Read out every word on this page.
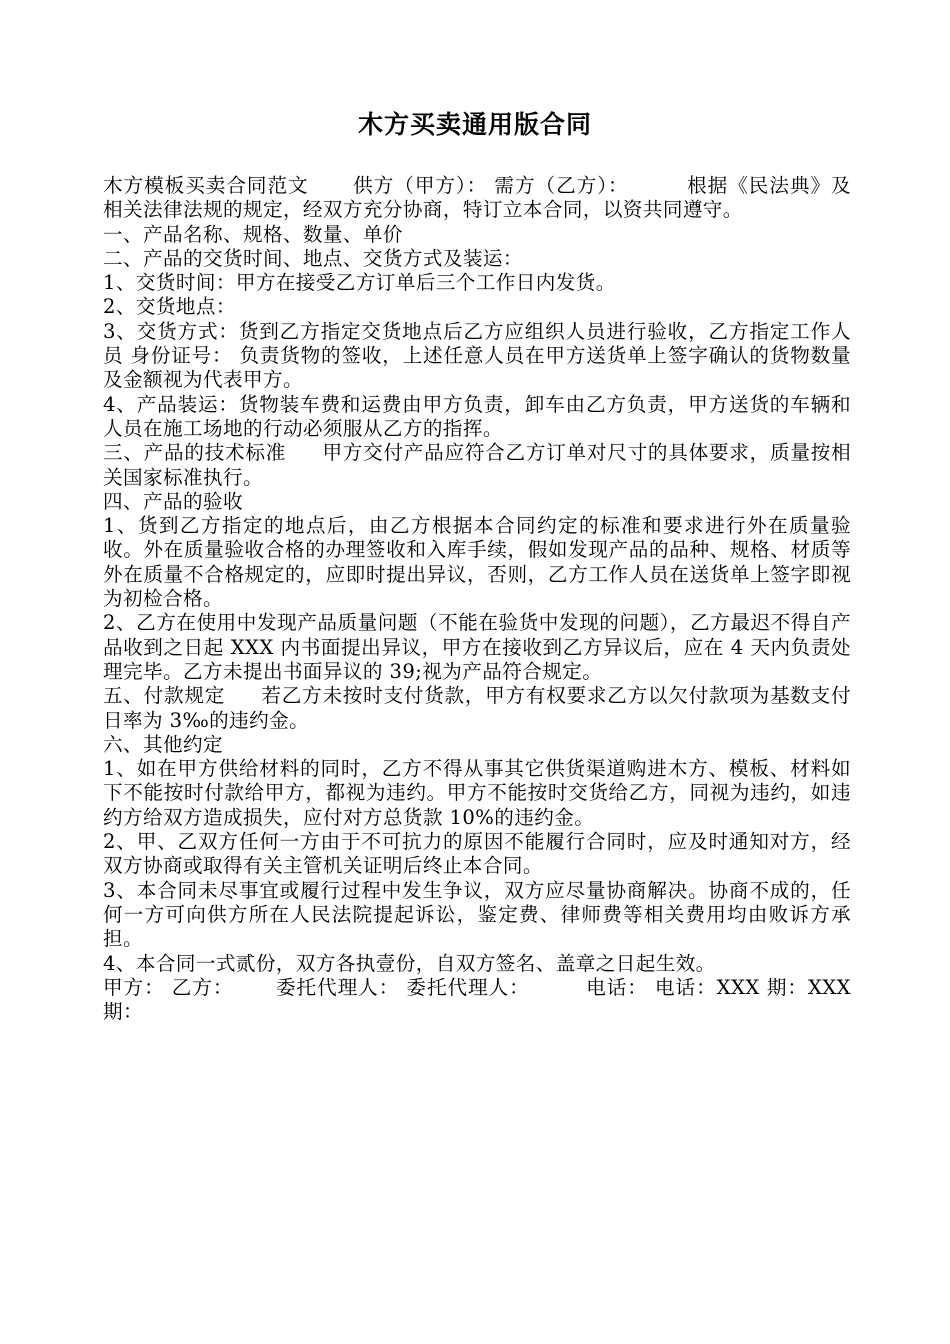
木方买卖通用版合同

木方模板买卖合同范文 供方（甲方）： 需方（乙方）：	根据《民法典》及相关法律法规的规定，经双方充分协商，特订立本合同，以资共同遵守。

一、产品名称、规格、数量、单价

二、产品的交货时间、地点、交货方式及装运：

1、交货时间：甲方在接受乙方订单后三个工作日内发货。

2、交货地点：

3、交货方式：货到乙方指定交货地点后乙方应组织人员进行验收，乙方指定工作人员 身份证号： 负责货物的签收，上述任意人员在甲方送货单上签字确认的货物数量及金额视为代表甲方。

4、产品装运：货物装车费和运费由甲方负责，卸车由乙方负责，甲方送货的车辆和人员在施工场地的行动必须服从乙方的指挥。

三、产品的技术标准 甲方交付产品应符合乙方订单对尺寸的具体要求，质量按相关国家标准执行。

四、产品的验收

1、货到乙方指定的地点后，由乙方根据本合同约定的标准和要求进行外在质量验收。外在质量验收合格的办理签收和入库手续，假如发现产品的品种、规格、材质等外在质量不合格规定的，应即时提出异议，否则，乙方工作人员在送货单上签字即视为初检合格。

2、乙方在使用中发现产品质量问题（不能在验货中发现的问题），乙方最迟不得自产品收到之日起 XXX 内书面提出异议，甲方在接收到乙方异议后，应在 4 天内负责处理完毕。乙方未提出书面异议的 39;视为产品符合规定。

五、付款规定 若乙方未按时支付货款，甲方有权要求乙方以欠付款项为基数支付日率为 3‰的违约金。

六、其他约定

1、如在甲方供给材料的同时，乙方不得从事其它供货渠道购进木方、模板、材料如下不能按时付款给甲方，都视为违约。甲方不能按时交货给乙方，同视为违约，如违约方给双方造成损失，应付对方总货款 10%的违约金。

2、甲、乙双方任何一方由于不可抗力的原因不能履行合同时，应及时通知对方，经双方协商或取得有关主管机关证明后终止本合同。

3、本合同未尽事宜或履行过程中发生争议，双方应尽量协商解决。协商不成的，任何一方可向供方所在人民法院提起诉讼，鉴定费、律师费等相关费用均由败诉方承担。

4、本合同一式贰份，双方各执壹份，自双方签名、盖章之日起生效。

甲方： 乙方： 委托代理人： 委托代理人：	电话： 电话：XXX 期：XXX 期：
